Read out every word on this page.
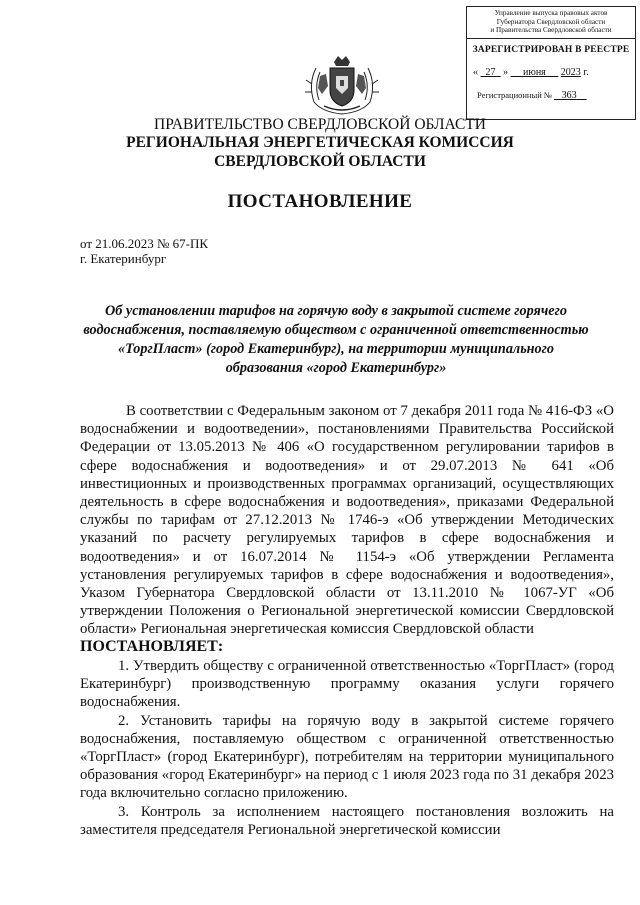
Управление выпуска правовых актов
Губернатора Свердловской области
и Правительства Свердловской области
ЗАРЕГИСТРИРОВАН В РЕЕСТРЕ
« 27 » июня 2023 г.
Регистрационный № 363
ПРАВИТЕЛЬСТВО СВЕРДЛОВСКОЙ ОБЛАСТИ
РЕГИОНАЛЬНАЯ ЭНЕРГЕТИЧЕСКАЯ КОМИССИЯ
СВЕРДЛОВСКОЙ ОБЛАСТИ
ПОСТАНОВЛЕНИЕ
от 21.06.2023 № 67-ПК
г. Екатеринбург
Об установлении тарифов на горячую воду в закрытой системе горячего водоснабжения, поставляемую обществом с ограниченной ответственностью «ТоргПласт» (город Екатеринбург), на территории муниципального образования «город Екатеринбург»

В соответствии с Федеральным законом от 7 декабря 2011 года № 416-ФЗ «О водоснабжении и водоотведении», постановлениями Правительства Российской Федерации от 13.05.2013 № 406 «О государственном регулировании тарифов в сфере водоснабжения и водоотведения» и от 29.07.2013 № 641 «Об инвестиционных и производственных программах организаций, осуществляющих деятельность в сфере водоснабжения и водоотведения», приказами Федеральной службы по тарифам от 27.12.2013 № 1746-э «Об утверждении Методических указаний по расчету регулируемых тарифов в сфере водоснабжения и водоотведения» и от 16.07.2014 № 1154-э «Об утверждении Регламента установления регулируемых тарифов в сфере водоснабжения и водоотведения», Указом Губернатора Свердловской области от 13.11.2010 № 1067-УГ «Об утверждении Положения о Региональной энергетической комиссии Свердловской области» Региональная энергетическая комиссия Свердловской области

ПОСТАНОВЛЯЕТ:

1. Утвердить обществу с ограниченной ответственностью «ТоргПласт» (город Екатеринбург) производственную программу оказания услуги горячего водоснабжения.

2. Установить тарифы на горячую воду в закрытой системе горячего водоснабжения, поставляемую обществом с ограниченной ответственностью «ТоргПласт» (город Екатеринбург), потребителям на территории муниципального образования «город Екатеринбург» на период с 1 июля 2023 года по 31 декабря 2023 года включительно согласно приложению.

3. Контроль за исполнением настоящего постановления возложить на заместителя председателя Региональной энергетической комиссии
